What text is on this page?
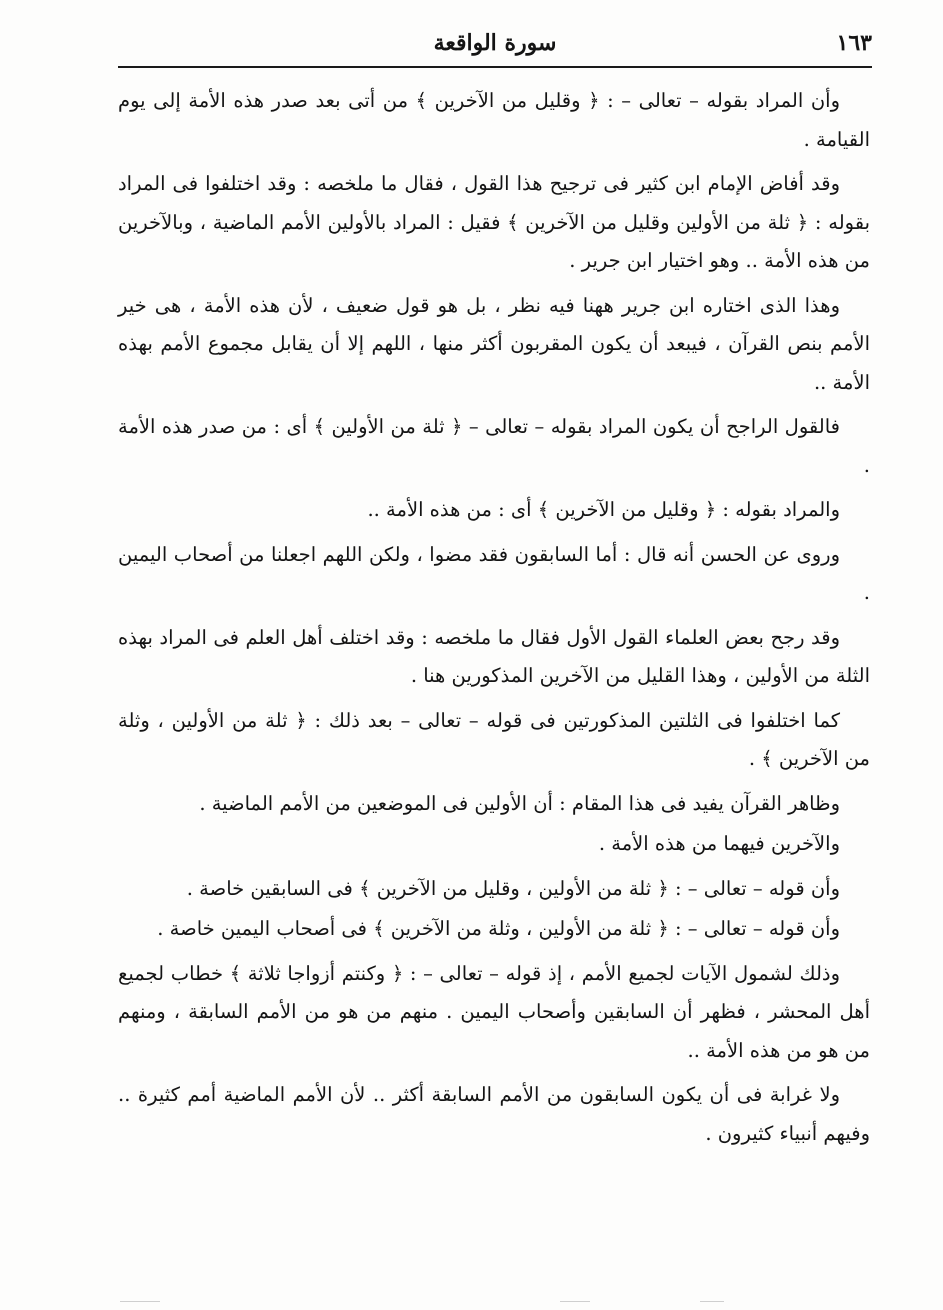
١٦٣
سورة الواقعة

وأن المراد بقوله – تعالى – : ﴿ وقليل من الآخرين ﴾ من أتى بعد صدر هذه الأمة إلى يوم القيامة .

وقد أفاض الإمام ابن كثير فى ترجيح هذا القول ، فقال ما ملخصه : وقد اختلفوا فى المراد بقوله : ﴿ ثلة من الأولين وقليل من الآخرين ﴾ فقيل : المراد بالأولين الأمم الماضية ، وبالآخرين من هذه الأمة .. وهو اختيار ابن جرير .

وهذا الذى اختاره ابن جرير ههنا فيه نظر ، بل هو قول ضعيف ، لأن هذه الأمة ، هى خير الأمم بنص القرآن ، فيبعد أن يكون المقربون أكثر منها ، اللهم إلا أن يقابل مجموع الأمم بهذه الأمة ..

فالقول الراجح أن يكون المراد بقوله – تعالى – ﴿ ثلة من الأولين ﴾ أى : من صدر هذه الأمة .

والمراد بقوله : ﴿ وقليل من الآخرين ﴾ أى : من هذه الأمة ..

وروى عن الحسن أنه قال : أما السابقون فقد مضوا ، ولكن اللهم اجعلنا من أصحاب اليمين .

وقد رجح بعض العلماء القول الأول فقال ما ملخصه : وقد اختلف أهل العلم فى المراد بهذه الثلة من الأولين ، وهذا القليل من الآخرين المذكورين هنا .

كما اختلفوا فى الثلتين المذكورتين فى قوله – تعالى – بعد ذلك : ﴿ ثلة من الأولين ، وثلة من الآخرين ﴾ .

وظاهر القرآن يفيد فى هذا المقام : أن الأولين فى الموضعين من الأمم الماضية .

والآخرين فيهما من هذه الأمة .

وأن قوله – تعالى – : ﴿ ثلة من الأولين ، وقليل من الآخرين ﴾ فى السابقين خاصة .

وأن قوله – تعالى – : ﴿ ثلة من الأولين ، وثلة من الآخرين ﴾ فى أصحاب اليمين خاصة .

وذلك لشمول الآيات لجميع الأمم ، إذ قوله – تعالى – : ﴿ وكنتم أزواجا ثلاثة ﴾ خطاب لجميع أهل المحشر ، فظهر أن السابقين وأصحاب اليمين . منهم من هو من الأمم السابقة ، ومنهم من هو من هذه الأمة ..

ولا غرابة فى أن يكون السابقون من الأمم السابقة أكثر .. لأن الأمم الماضية أمم كثيرة .. وفيهم أنبياء كثيرون .
